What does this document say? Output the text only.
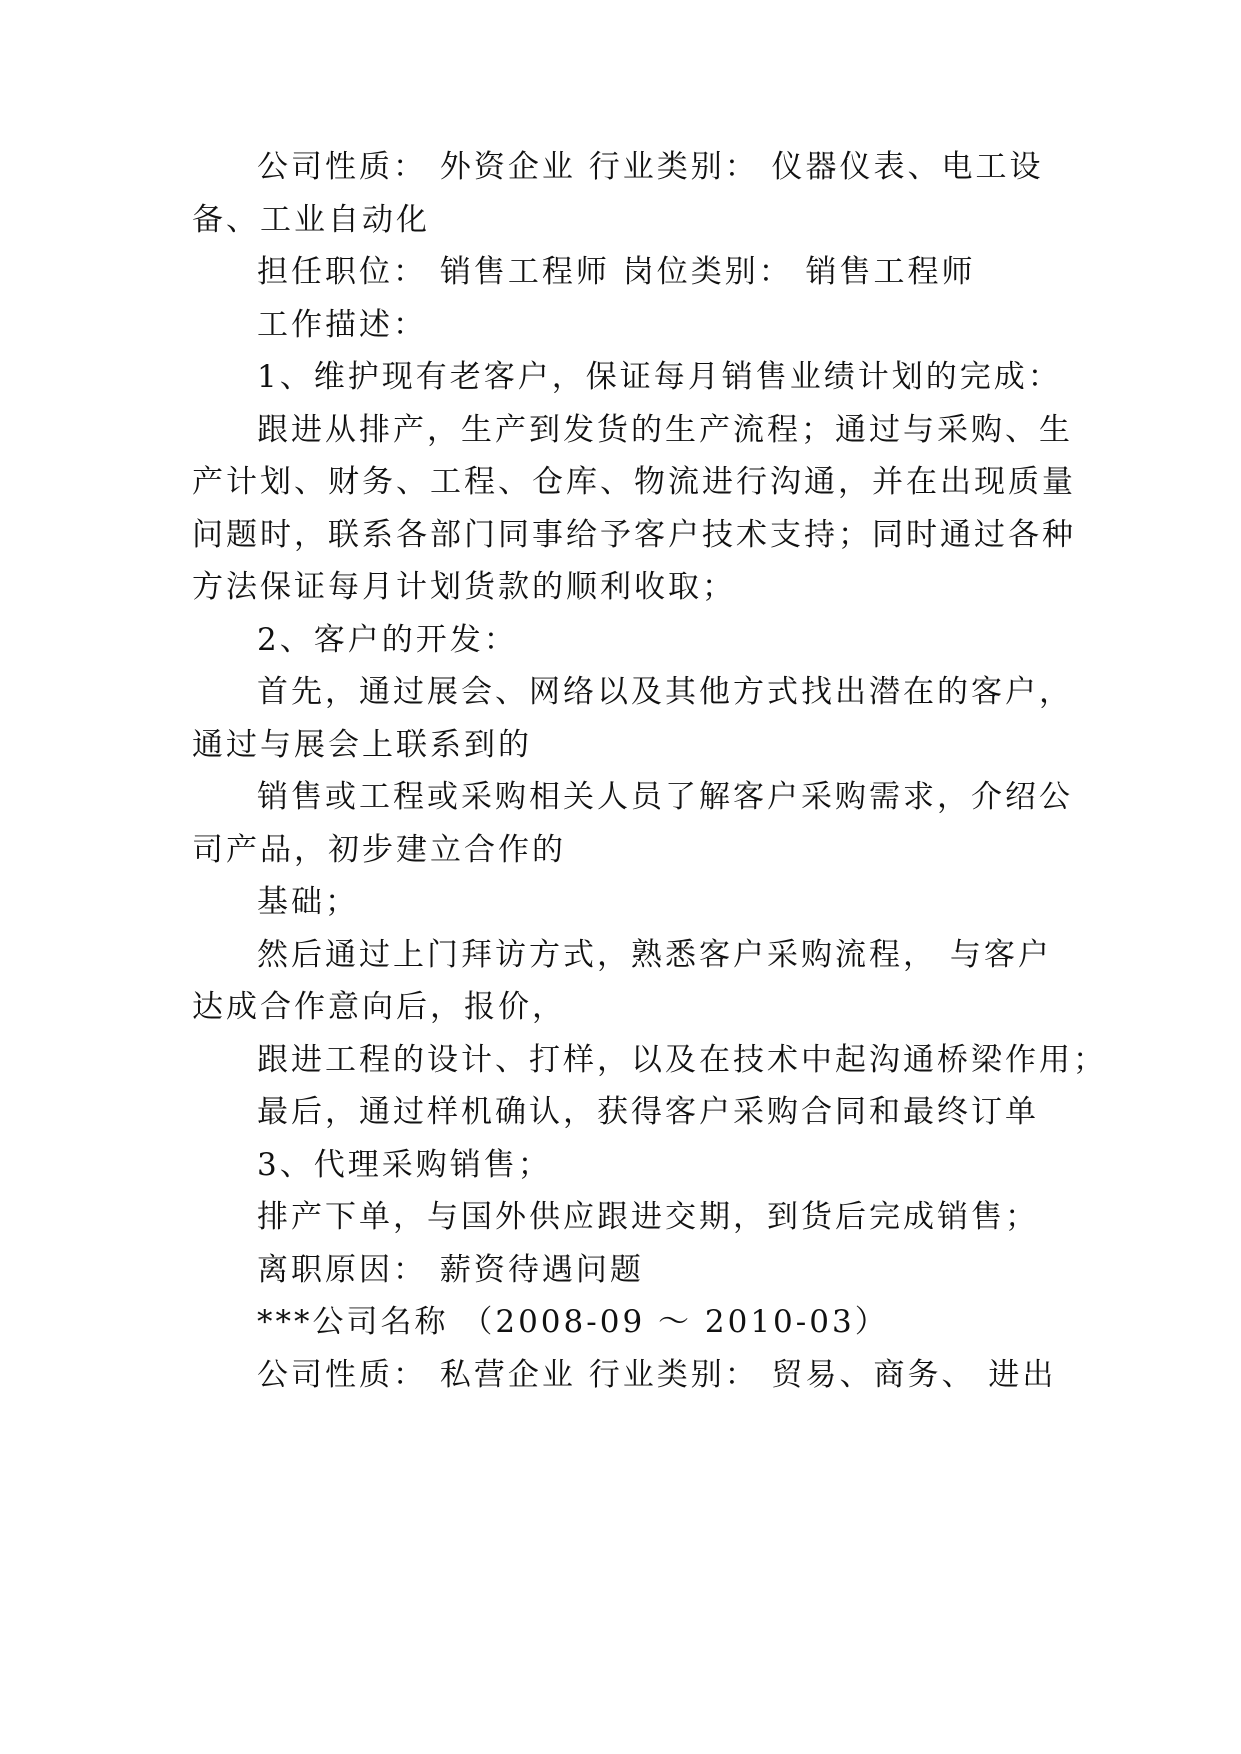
公司性质： 外资企业 行业类别： 仪器仪表、电工设
备、工业自动化
担任职位： 销售工程师 岗位类别： 销售工程师
工作描述：
1、维护现有老客户，保证每月销售业绩计划的完成：
跟进从排产，生产到发货的生产流程；通过与采购、生
产计划、财务、工程、仓库、物流进行沟通，并在出现质量
问题时，联系各部门同事给予客户技术支持；同时通过各种
方法保证每月计划货款的顺利收取；
2、客户的开发：
首先，通过展会、网络以及其他方式找出潜在的客户，
通过与展会上联系到的
销售或工程或采购相关人员了解客户采购需求，介绍公
司产品，初步建立合作的
基础；
然后通过上门拜访方式，熟悉客户采购流程， 与客户
达成合作意向后，报价，
跟进工程的设计、打样，以及在技术中起沟通桥梁作用；
最后，通过样机确认，获得客户采购合同和最终订单
3、代理采购销售；
排产下单，与国外供应跟进交期，到货后完成销售；
离职原因： 薪资待遇问题
***公司名称 （2008-09 ～ 2010-03）
公司性质： 私营企业 行业类别： 贸易、商务、 进出
